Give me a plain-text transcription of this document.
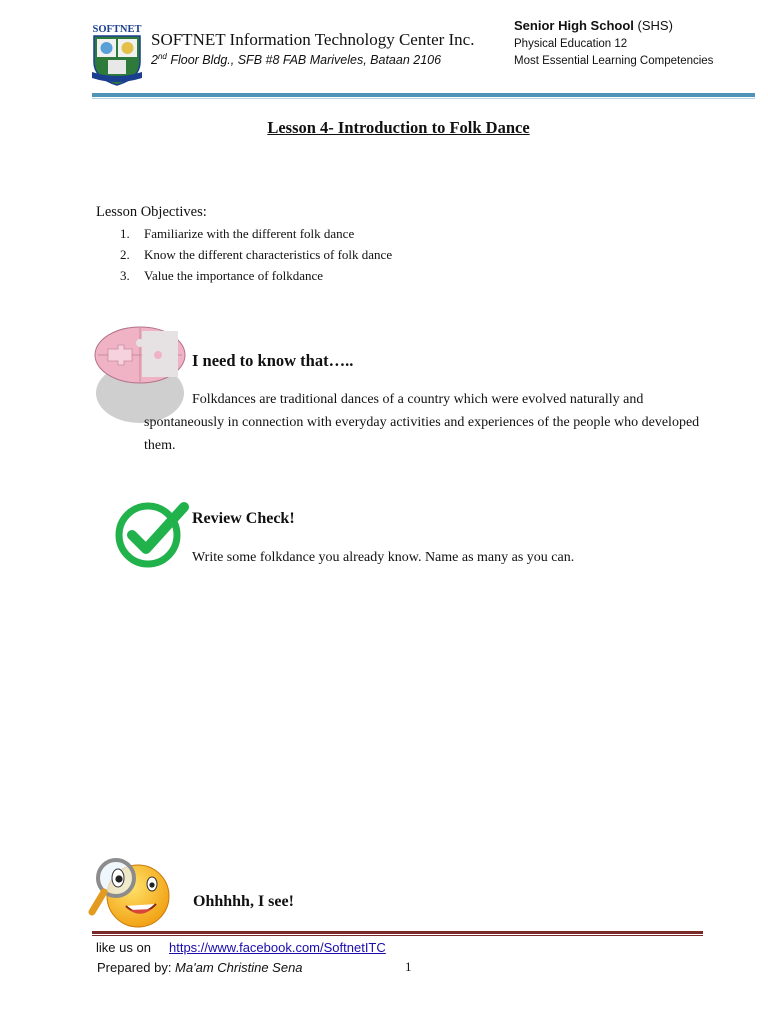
SOFTNET
SOFTNET Information Technology Center Inc.
2nd Floor Bldg., SFB #8 FAB Mariveles, Bataan 2106
Senior High School (SHS)
Physical Education 12
Most Essential Learning Competencies
Lesson 4- Introduction to Folk Dance
Lesson Objectives:
1. Familiarize with the different folk dance
2. Know the different characteristics of folk dance
3. Value the importance of folkdance
I need to know that…..
Folkdances are traditional dances of a country which were evolved naturally and spontaneously in connection with everyday activities and experiences of the people who developed them.
Review Check!
Write some folkdance you already know. Name as many as you can.
Ohhhhh, I see!
like us on https://www.facebook.com/SoftnetITC
Prepared by: Ma'am Christine Sena	1
